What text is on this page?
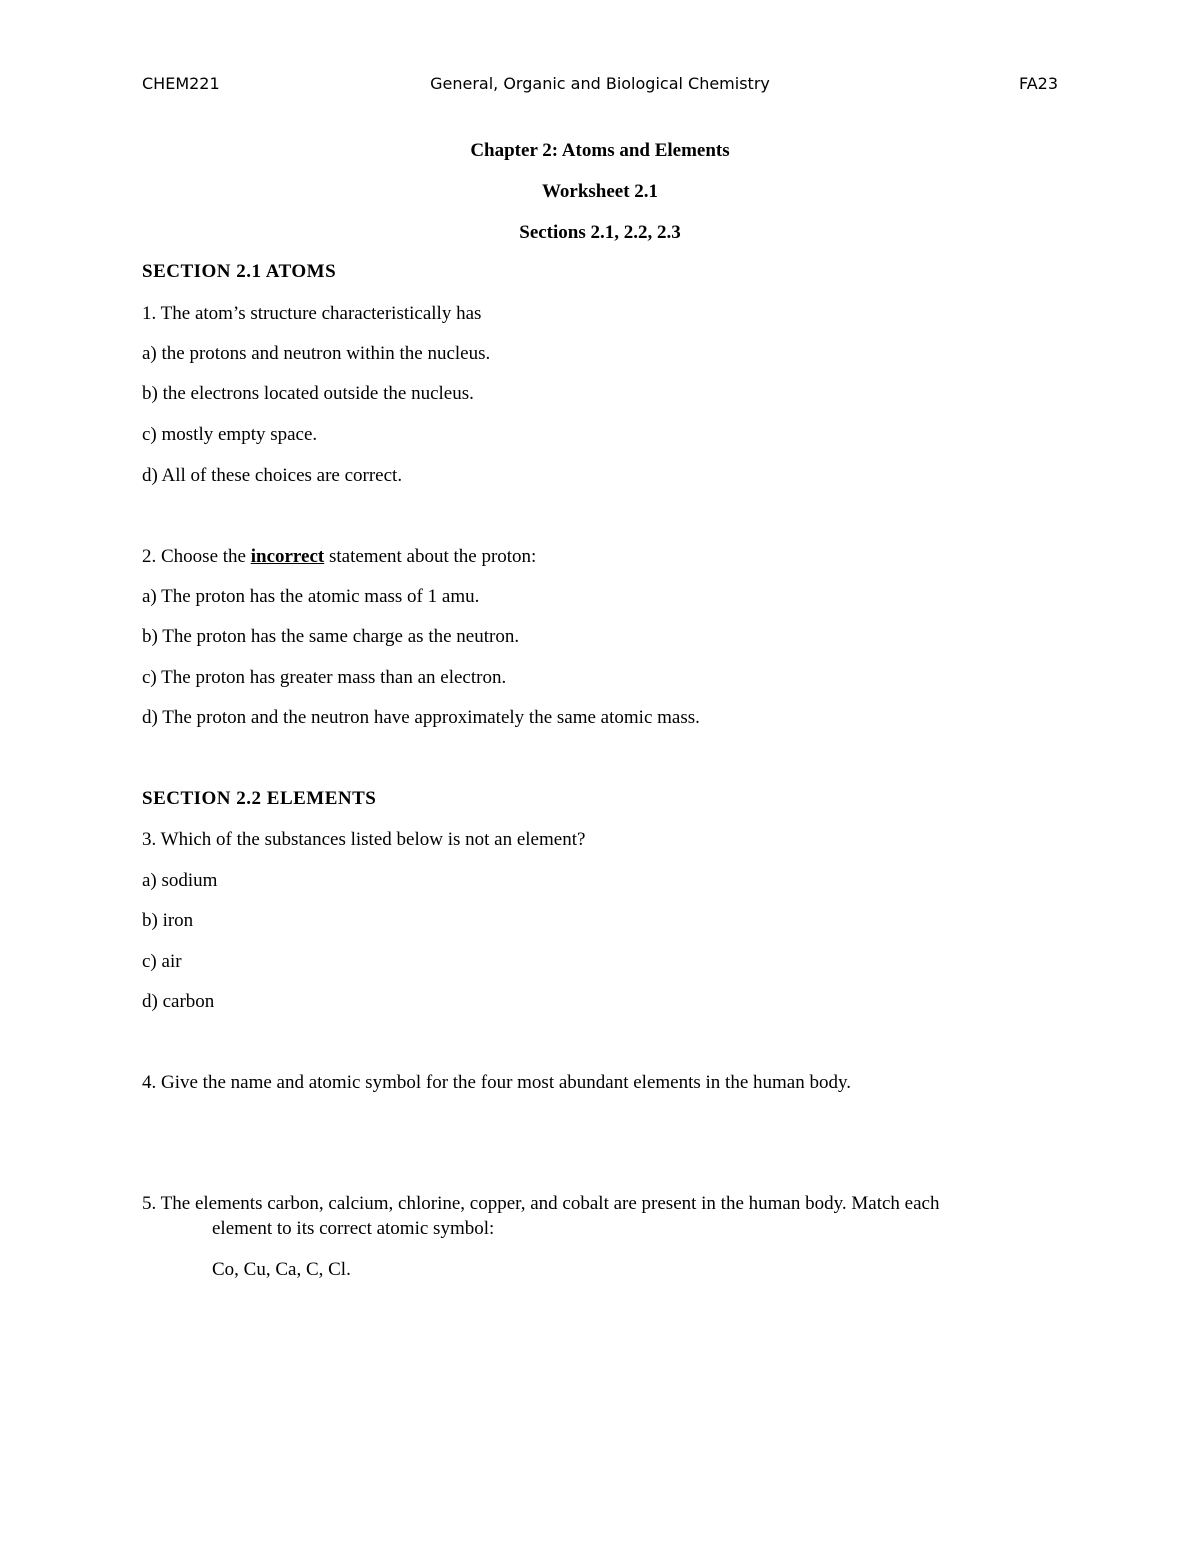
CHEM221	General, Organic and Biological Chemistry	FA23
Chapter 2: Atoms and Elements
Worksheet 2.1
Sections 2.1, 2.2, 2.3
SECTION 2.1 ATOMS
1. The atom’s structure characteristically has
a) the protons and neutron within the nucleus.
b) the electrons located outside the nucleus.
c) mostly empty space.
d) All of these choices are correct.
2. Choose the incorrect statement about the proton:
a) The proton has the atomic mass of 1 amu.
b) The proton has the same charge as the neutron.
c) The proton has greater mass than an electron.
d) The proton and the neutron have approximately the same atomic mass.
SECTION 2.2 ELEMENTS
3. Which of the substances listed below is not an element?
a) sodium
b) iron
c) air
d) carbon
4. Give the name and atomic symbol for the four most abundant elements in the human body.
5. The elements carbon, calcium, chlorine, copper, and cobalt are present in the human body. Match each
element to its correct atomic symbol:
Co, Cu, Ca, C, Cl.
